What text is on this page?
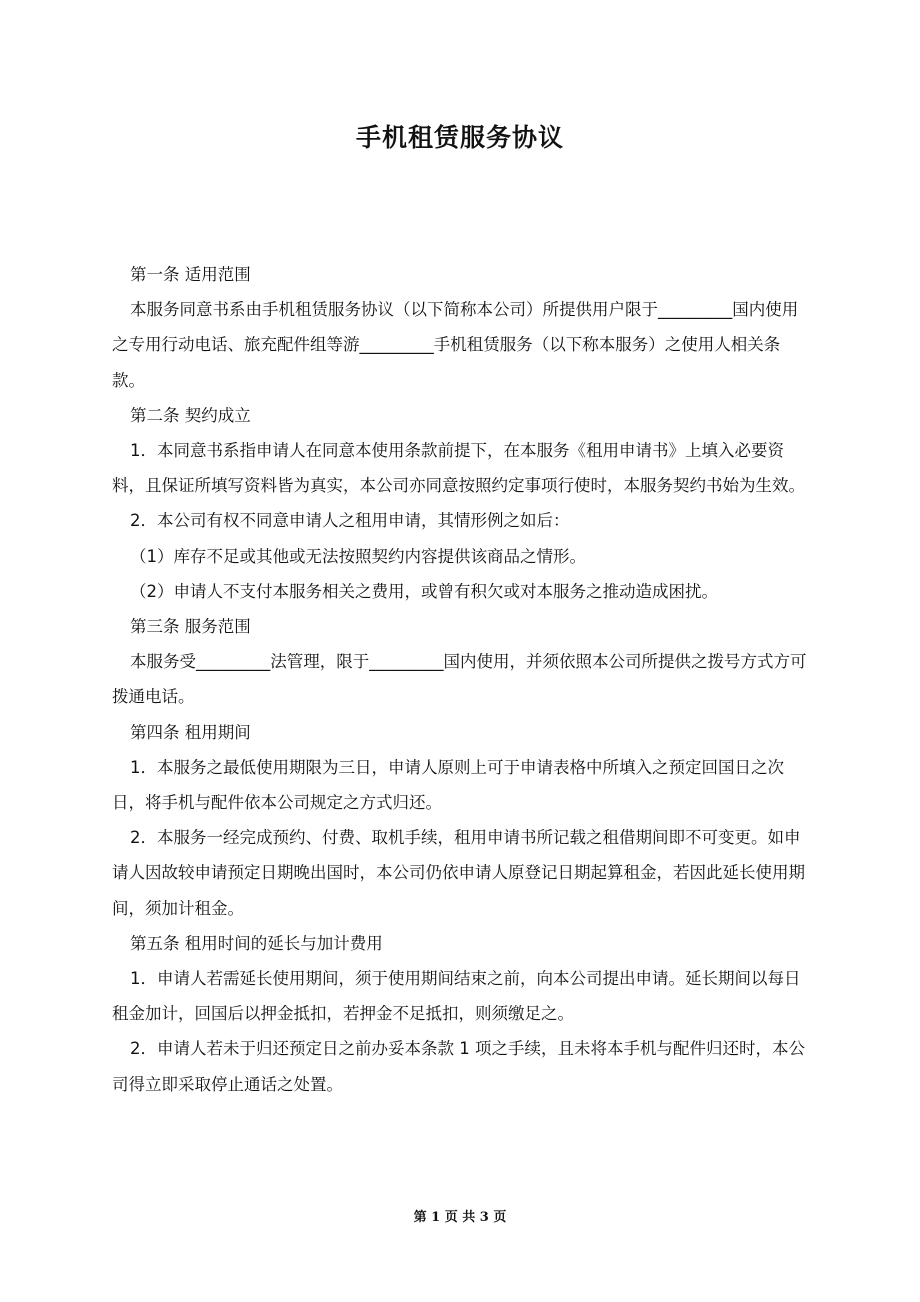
手机租赁服务协议

第一条 适用范围

本服务同意书系由手机租赁服务协议（以下简称本公司）所提供用户限于_________国内使用之专用行动电话、旅充配件组等游_________手机租赁服务（以下称本服务）之使用人相关条款。

第二条 契约成立

1．本同意书系指申请人在同意本使用条款前提下，在本服务《租用申请书》上填入必要资料，且保证所填写资料皆为真实，本公司亦同意按照约定事项行使时，本服务契约书始为生效。

2．本公司有权不同意申请人之租用申请，其情形例之如后：

（1）库存不足或其他或无法按照契约内容提供该商品之情形。

（2）申请人不支付本服务相关之费用，或曾有积欠或对本服务之推动造成困扰。

第三条 服务范围

本服务受_________法管理，限于_________国内使用，并须依照本公司所提供之拨号方式方可拨通电话。

第四条 租用期间

1．本服务之最低使用期限为三日，申请人原则上可于申请表格中所填入之预定回国日之次日，将手机与配件依本公司规定之方式归还。

2．本服务一经完成预约、付费、取机手续，租用申请书所记载之租借期间即不可变更。如申请人因故较申请预定日期晚出国时，本公司仍依申请人原登记日期起算租金，若因此延长使用期间，须加计租金。

第五条 租用时间的延长与加计费用

1．申请人若需延长使用期间，须于使用期间结束之前，向本公司提出申请。延长期间以每日租金加计，回国后以押金抵扣，若押金不足抵扣，则须缴足之。

2．申请人若未于归还预定日之前办妥本条款 1 项之手续，且未将本手机与配件归还时，本公司得立即采取停止通话之处置。

第 1 页 共 3 页
